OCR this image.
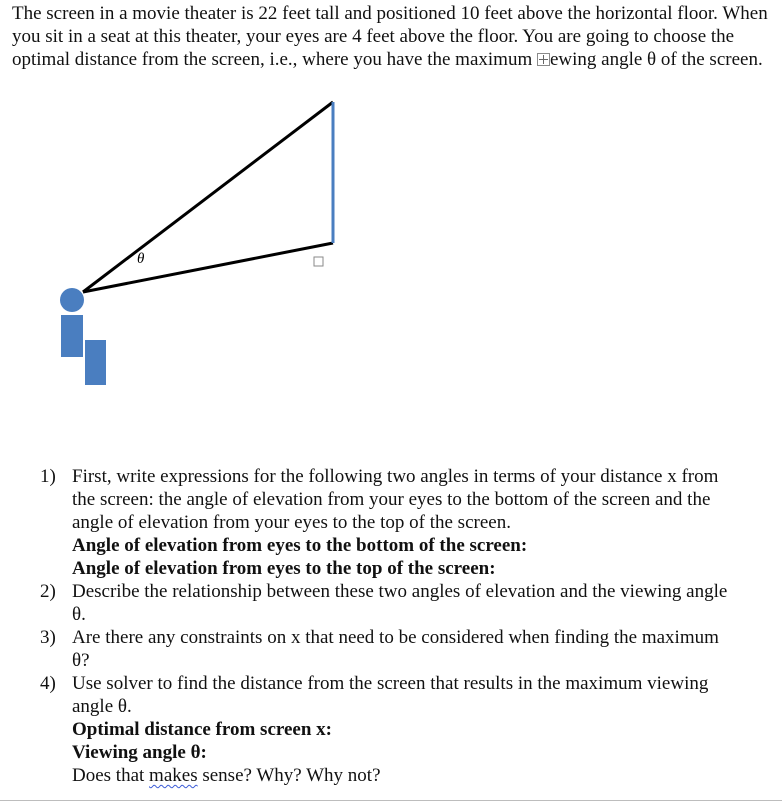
The screen in a movie theater is 22 feet tall and positioned 10 feet above the horizontal floor. When you sit in a seat at this theater, your eyes are 4 feet above the floor. You are going to choose the optimal distance from the screen, i.e., where you have the maximum ewing angle θ of the screen.

θ
1) First, write expressions for the following two angles in terms of your distance x from the screen: the angle of elevation from your eyes to the bottom of the screen and the angle of elevation from your eyes to the top of the screen.
Angle of elevation from eyes to the bottom of the screen:
Angle of elevation from eyes to the top of the screen:
2) Describe the relationship between these two angles of elevation and the viewing angle θ.
3) Are there any constraints on x that need to be considered when finding the maximum θ?
4) Use solver to find the distance from the screen that results in the maximum viewing angle θ.
Optimal distance from screen x:
Viewing angle θ:
Does that makes sense? Why? Why not?
